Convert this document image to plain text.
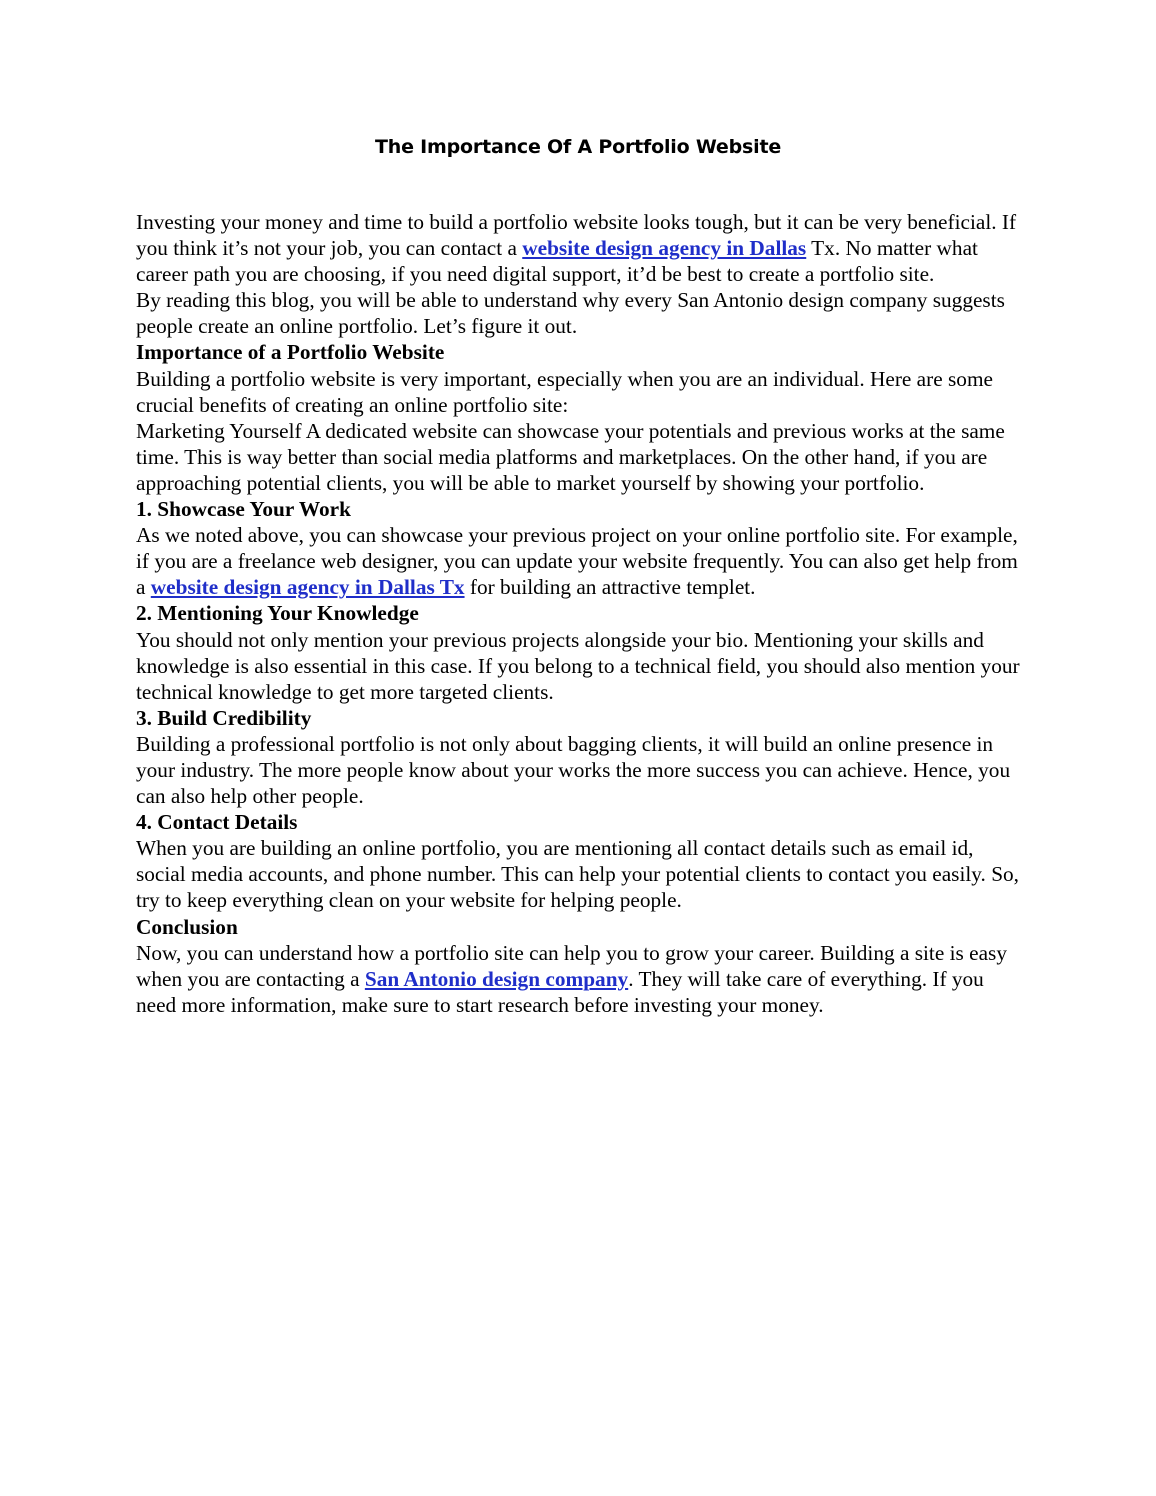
The Importance Of A Portfolio Website

Investing your money and time to build a portfolio website looks tough, but it can be very beneficial. If you think it’s not your job, you can contact a website design agency in Dallas Tx. No matter what career path you are choosing, if you need digital support, it’d be best to create a portfolio site.

By reading this blog, you will be able to understand why every San Antonio design company suggests people create an online portfolio. Let’s figure it out.

Importance of a Portfolio Website

Building a portfolio website is very important, especially when you are an individual. Here are some crucial benefits of creating an online portfolio site:

Marketing Yourself A dedicated website can showcase your potentials and previous works at the same time. This is way better than social media platforms and marketplaces. On the other hand, if you are approaching potential clients, you will be able to market yourself by showing your portfolio.

1. Showcase Your Work

As we noted above, you can showcase your previous project on your online portfolio site. For example, if you are a freelance web designer, you can update your website frequently. You can also get help from a website design agency in Dallas Tx for building an attractive templet.

2. Mentioning Your Knowledge

You should not only mention your previous projects alongside your bio. Mentioning your skills and knowledge is also essential in this case. If you belong to a technical field, you should also mention your technical knowledge to get more targeted clients.

3. Build Credibility

Building a professional portfolio is not only about bagging clients, it will build an online presence in your industry. The more people know about your works the more success you can achieve. Hence, you can also help other people.

4. Contact Details

When you are building an online portfolio, you are mentioning all contact details such as email id, social media accounts, and phone number. This can help your potential clients to contact you easily. So, try to keep everything clean on your website for helping people.

Conclusion

Now, you can understand how a portfolio site can help you to grow your career. Building a site is easy when you are contacting a San Antonio design company. They will take care of everything. If you need more information, make sure to start research before investing your money.
